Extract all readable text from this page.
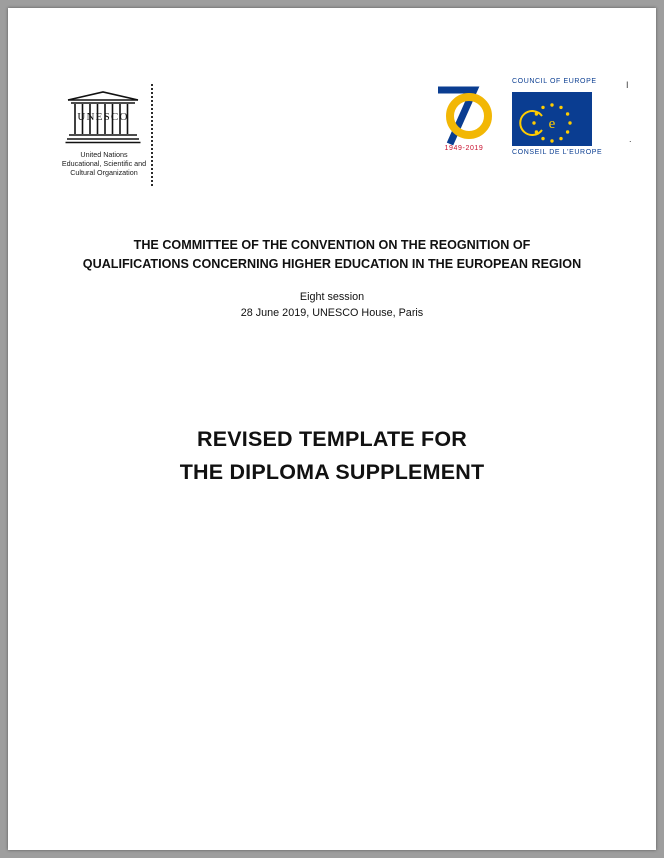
UNESCO
United Nations
Educational, Scientific and
Cultural Organization
1949-2019
COUNCIL OF EUROPE
e
CONSEIL DE L'EUROPE
I
.
THE COMMITTEE OF THE CONVENTION ON THE REOGNITION OF
QUALIFICATIONS CONCERNING HIGHER EDUCATION IN THE EUROPEAN REGION
Eight session
28 June 2019, UNESCO House, Paris
REVISED TEMPLATE FOR
THE DIPLOMA SUPPLEMENT
